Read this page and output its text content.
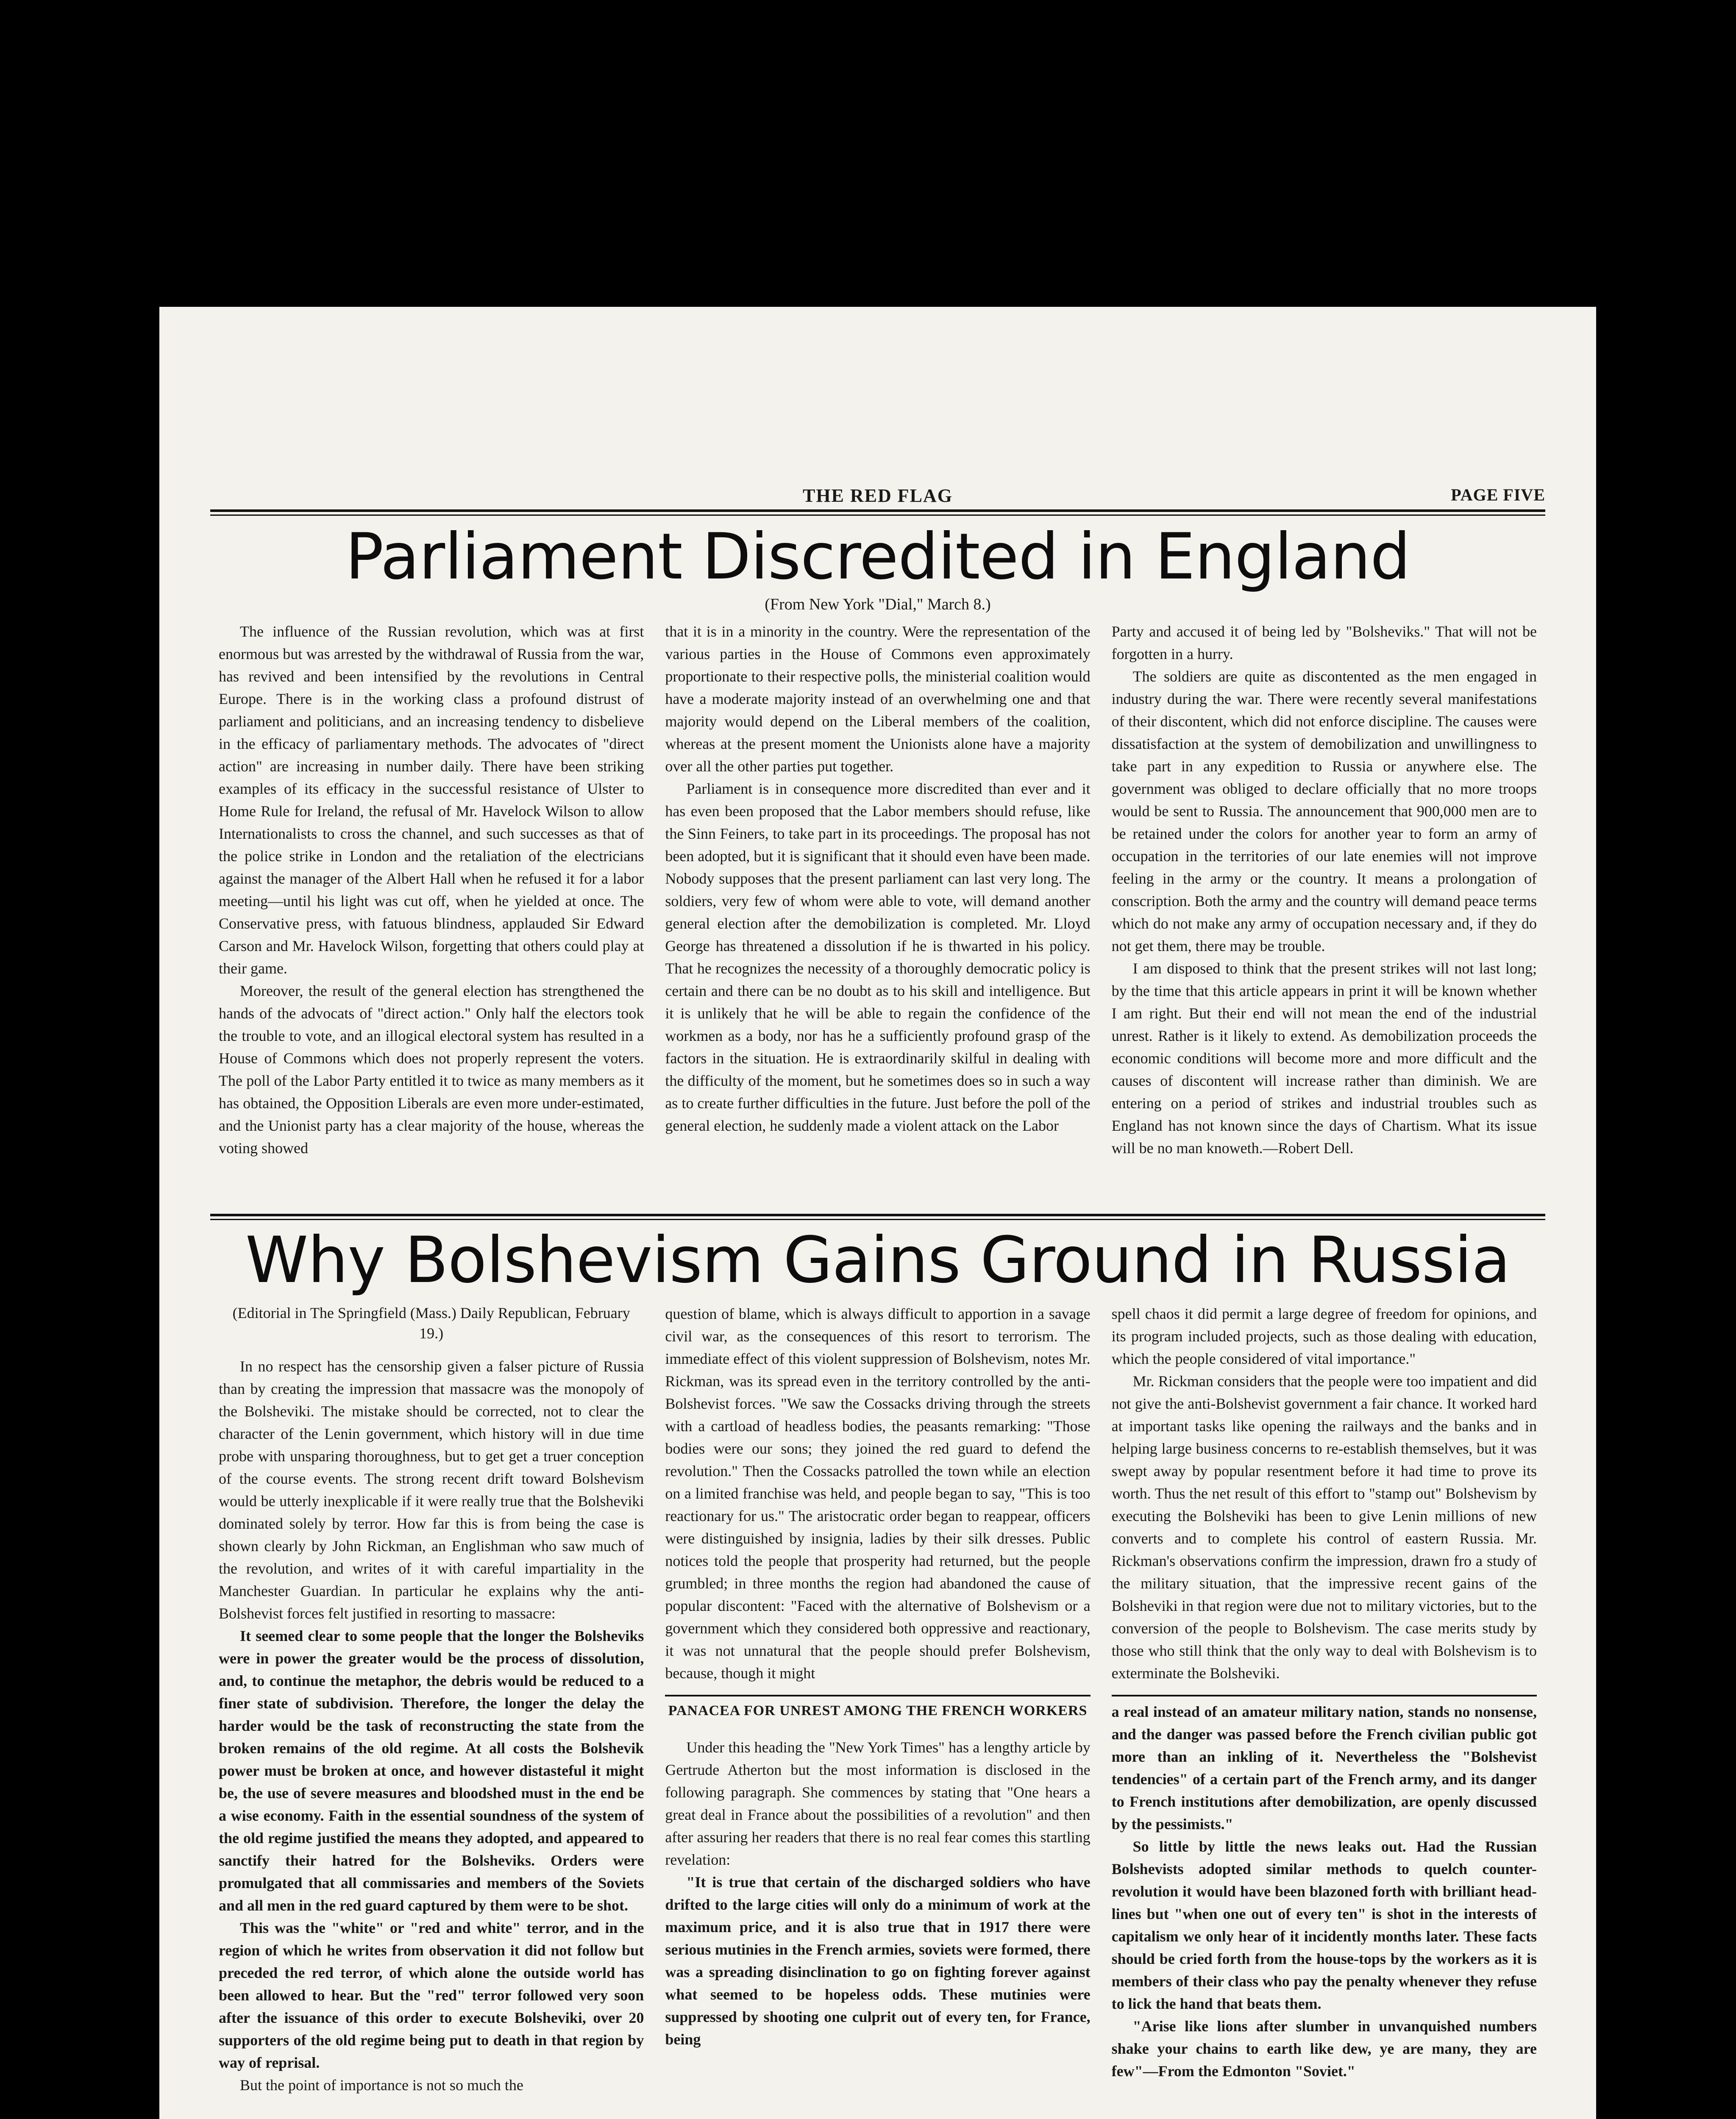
THE RED FLAG	PAGE FIVE
Parliament Discredited in England
(From New York "Dial," March 8.)

The influence of the Russian revolution, which was at first enormous but was arrested by the withdrawal of Russia from the war, has revived and been intensified by the revolutions in Central Europe. There is in the working class a profound distrust of parliament and politicians, and an increasing tendency to disbelieve in the efficacy of parliamentary methods. The advocates of "direct action" are increasing in number daily. There have been striking examples of its efficacy in the successful resistance of Ulster to Home Rule for Ireland, the refusal of Mr. Havelock Wilson to allow Internationalists to cross the channel, and such successes as that of the police strike in London and the retaliation of the electricians against the manager of the Albert Hall when he refused it for a labor meeting—until his light was cut off, when he yielded at once. The Conservative press, with fatuous blindness, applauded Sir Edward Carson and Mr. Havelock Wilson, forgetting that others could play at their game.

Moreover, the result of the general election has strengthened the hands of the advocats of "direct action." Only half the electors took the trouble to vote, and an illogical electoral system has resulted in a House of Commons which does not properly represent the voters. The poll of the Labor Party entitled it to twice as many members as it has obtained, the Opposition Liberals are even more under-estimated, and the Unionist party has a clear majority of the house, whereas the voting showed

that it is in a minority in the country. Were the representation of the various parties in the House of Commons even approximately proportionate to their respective polls, the ministerial coalition would have a moderate majority instead of an overwhelming one and that majority would depend on the Liberal members of the coalition, whereas at the present moment the Unionists alone have a majority over all the other parties put together.

Parliament is in consequence more discredited than ever and it has even been proposed that the Labor members should refuse, like the Sinn Feiners, to take part in its proceedings. The proposal has not been adopted, but it is significant that it should even have been made. Nobody supposes that the present parliament can last very long. The soldiers, very few of whom were able to vote, will demand another general election after the demobilization is completed. Mr. Lloyd George has threatened a dissolution if he is thwarted in his policy. That he recognizes the necessity of a thoroughly democratic policy is certain and there can be no doubt as to his skill and intelligence. But it is unlikely that he will be able to regain the confidence of the workmen as a body, nor has he a sufficiently profound grasp of the factors in the situation. He is extraordinarily skilful in dealing with the difficulty of the moment, but he sometimes does so in such a way as to create further difficulties in the future. Just before the poll of the general election, he suddenly made a violent attack on the Labor

Party and accused it of being led by "Bolsheviks." That will not be forgotten in a hurry.

The soldiers are quite as discontented as the men engaged in industry during the war. There were recently several manifestations of their discontent, which did not enforce discipline. The causes were dissatisfaction at the system of demobilization and unwillingness to take part in any expedition to Russia or anywhere else. The government was obliged to declare officially that no more troops would be sent to Russia. The announcement that 900,000 men are to be retained under the colors for another year to form an army of occupation in the territories of our late enemies will not improve feeling in the army or the country. It means a prolongation of conscription. Both the army and the country will demand peace terms which do not make any army of occupation necessary and, if they do not get them, there may be trouble.

I am disposed to think that the present strikes will not last long; by the time that this article appears in print it will be known whether I am right. But their end will not mean the end of the industrial unrest. Rather is it likely to extend. As demobilization proceeds the economic conditions will become more and more difficult and the causes of discontent will increase rather than diminish. We are entering on a period of strikes and industrial troubles such as England has not known since the days of Chartism. What its issue will be no man knoweth.—Robert Dell.

Why Bolshevism Gains Ground in Russia
(Editorial in The Springfield (Mass.) Daily Republican, February 19.)

In no respect has the censorship given a falser picture of Russia than by creating the impression that massacre was the monopoly of the Bolsheviki. The mistake should be corrected, not to clear the character of the Lenin government, which history will in due time probe with unsparing thoroughness, but to get get a truer conception of the course events. The strong recent drift toward Bolshevism would be utterly inexplicable if it were really true that the Bolsheviki dominated solely by terror. How far this is from being the case is shown clearly by John Rickman, an Englishman who saw much of the revolution, and writes of it with careful impartiality in the Manchester Guardian. In particular he explains why the anti-Bolshevist forces felt justified in resorting to massacre:

It seemed clear to some people that the longer the Bolsheviks were in power the greater would be the process of dissolution, and, to continue the metaphor, the debris would be reduced to a finer state of subdivision. Therefore, the longer the delay the harder would be the task of reconstructing the state from the broken remains of the old regime. At all costs the Bolshevik power must be broken at once, and however distasteful it might be, the use of severe measures and bloodshed must in the end be a wise economy. Faith in the essential soundness of the system of the old regime justified the means they adopted, and appeared to sanctify their hatred for the Bolsheviks. Orders were promulgated that all commissaries and members of the Soviets and all men in the red guard captured by them were to be shot.

This was the "white" or "red and white" terror, and in the region of which he writes from observation it did not follow but preceded the red terror, of which alone the outside world has been allowed to hear. But the "red" terror followed very soon after the issuance of this order to execute Bolsheviki, over 20 supporters of the old regime being put to death in that region by way of reprisal.

But the point of importance is not so much the

question of blame, which is always difficult to apportion in a savage civil war, as the consequences of this resort to terrorism. The immediate effect of this violent suppression of Bolshevism, notes Mr. Rickman, was its spread even in the territory controlled by the anti-Bolshevist forces. "We saw the Cossacks driving through the streets with a cartload of headless bodies, the peasants remarking: "Those bodies were our sons; they joined the red guard to defend the revolution." Then the Cossacks patrolled the town while an election on a limited franchise was held, and people began to say, "This is too reactionary for us." The aristocratic order began to reappear, officers were distinguished by insignia, ladies by their silk dresses. Public notices told the people that prosperity had returned, but the people grumbled; in three months the region had abandoned the cause of popular discontent: "Faced with the alternative of Bolshevism or a government which they considered both oppressive and reactionary, it was not unnatural that the people should prefer Bolshevism, because, though it might

PANACEA FOR UNREST AMONG THE FRENCH WORKERS

Under this heading the "New York Times" has a lengthy article by Gertrude Atherton but the most information is disclosed in the following paragraph. She commences by stating that "One hears a great deal in France about the possibilities of a revolution" and then after assuring her readers that there is no real fear comes this startling revelation:

"It is true that certain of the discharged soldiers who have drifted to the large cities will only do a minimum of work at the maximum price, and it is also true that in 1917 there were serious mutinies in the French armies, soviets were formed, there was a spreading disinclination to go on fighting forever against what seemed to be hopeless odds. These mutinies were suppressed by shooting one culprit out of every ten, for France, being

spell chaos it did permit a large degree of freedom for opinions, and its program included projects, such as those dealing with education, which the people considered of vital importance."

Mr. Rickman considers that the people were too impatient and did not give the anti-Bolshevist government a fair chance. It worked hard at important tasks like opening the railways and the banks and in helping large business concerns to re-establish themselves, but it was swept away by popular resentment before it had time to prove its worth. Thus the net result of this effort to "stamp out" Bolshevism by executing the Bolsheviki has been to give Lenin millions of new converts and to complete his control of eastern Russia. Mr. Rickman's observations confirm the impression, drawn fro a study of the military situation, that the impressive recent gains of the Bolsheviki in that region were due not to military victories, but to the conversion of the people to Bolshevism. The case merits study by those who still think that the only way to deal with Bolshevism is to exterminate the Bolsheviki.

a real instead of an amateur military nation, stands no nonsense, and the danger was passed before the French civilian public got more than an inkling of it. Nevertheless the "Bolshevist tendencies" of a certain part of the French army, and its danger to French institutions after demobilization, are openly discussed by the pessimists."

So little by little the news leaks out. Had the Russian Bolshevists adopted similar methods to quelch counter-revolution it would have been blazoned forth with brilliant head-lines but "when one out of every ten" is shot in the interests of capitalism we only hear of it incidently months later. These facts should be cried forth from the house-tops by the workers as it is members of their class who pay the penalty whenever they refuse to lick the hand that beats them.

"Arise like lions after slumber in unvanquished numbers shake your chains to earth like dew, ye are many, they are few"—From the Edmonton "Soviet."
